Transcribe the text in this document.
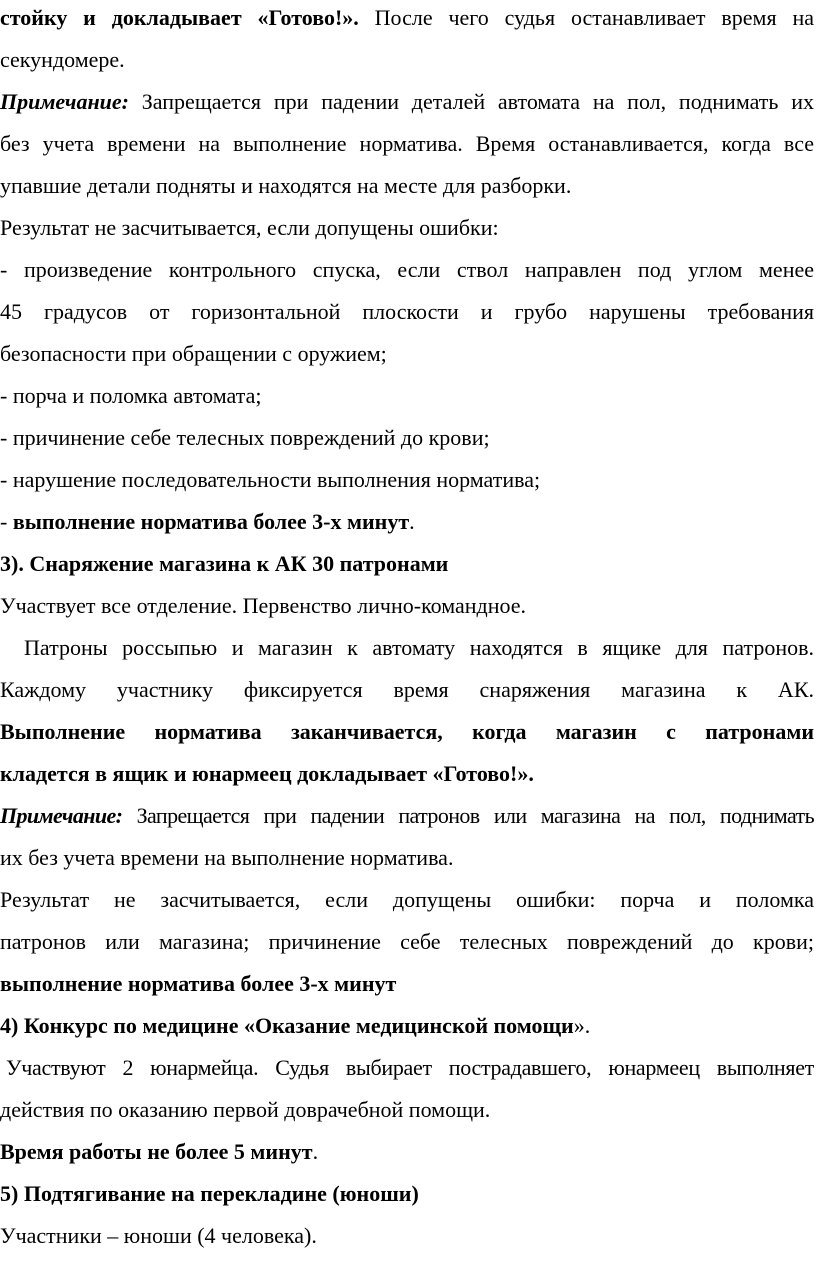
стойку и докладывает «Готово!». После чего судья останавливает время на
секундомере.
Примечание: Запрещается при падении деталей автомата на пол, поднимать их
без учета времени на выполнение норматива. Время останавливается, когда все
упавшие детали подняты и находятся на месте для разборки.
Результат не засчитывается, если допущены ошибки:
- произведение контрольного спуска, если ствол направлен под углом менее
45 градусов от горизонтальной плоскости и грубо нарушены требования
безопасности при обращении с оружием;
- порча и поломка автомата;
- причинение себе телесных повреждений до крови;
- нарушение последовательности выполнения норматива;
- выполнение норматива более 3-х минут.
3). Снаряжение магазина к АК 30 патронами
Участвует все отделение. Первенство лично-командное.
Патроны россыпью и магазин к автомату находятся в ящике для патронов.
Каждому участнику фиксируется время снаряжения магазина к АК.
Выполнение норматива заканчивается, когда магазин с патронами
кладется в ящик и юнармеец докладывает «Готово!».
Примечание: Запрещается при падении патронов или магазина на пол, поднимать
их без учета времени на выполнение норматива.
Результат не засчитывается, если допущены ошибки: порча и поломка
патронов или магазина; причинение себе телесных повреждений до крови;
выполнение норматива более 3-х минут
4) Конкурс по медицине «Оказание медицинской помощи».
Участвуют 2 юнармейца. Судья выбирает пострадавшего, юнармеец выполняет
действия по оказанию первой доврачебной помощи.
Время работы не более 5 минут.
5) Подтягивание на перекладине (юноши)
Участники – юноши (4 человека).
